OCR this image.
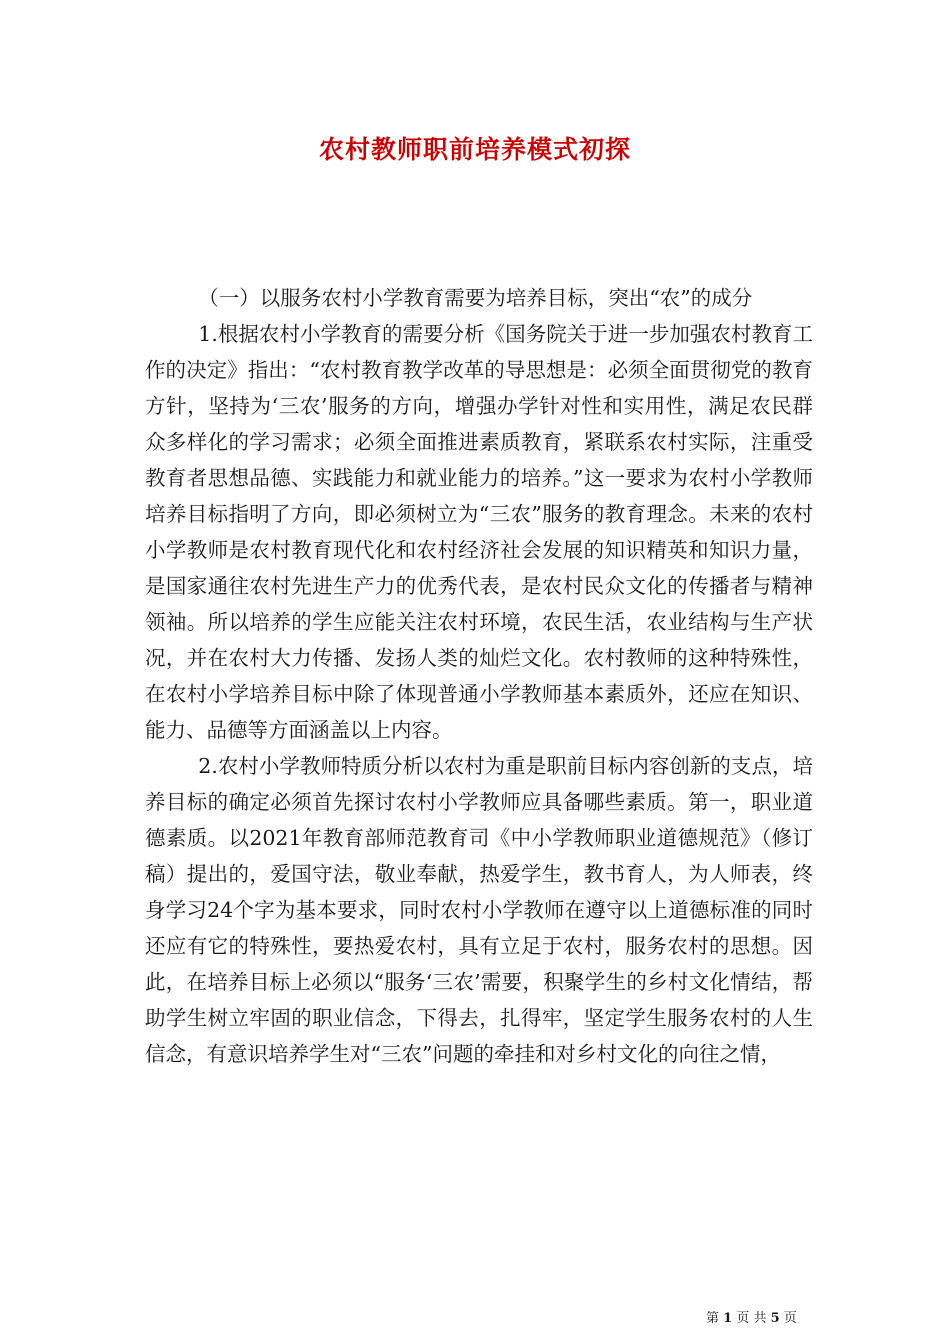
农村教师职前培养模式初探

（一）以服务农村小学教育需要为培养目标，突出“农”的成分

1.根据农村小学教育的需要分析《国务院关于进一步加强农村教育工作的决定》指出：“农村教育教学改革的导思想是：必须全面贯彻党的教育方针，坚持为‘三农’服务的方向，增强办学针对性和实用性，满足农民群众多样化的学习需求；必须全面推进素质教育，紧联系农村实际，注重受教育者思想品德、实践能力和就业能力的培养。”这一要求为农村小学教师培养目标指明了方向，即必须树立为“三农”服务的教育理念。未来的农村小学教师是农村教育现代化和农村经济社会发展的知识精英和知识力量，是国家通往农村先进生产力的优秀代表，是农村民众文化的传播者与精神领袖。所以培养的学生应能关注农村环境，农民生活，农业结构与生产状况，并在农村大力传播、发扬人类的灿烂文化。农村教师的这种特殊性，在农村小学培养目标中除了体现普通小学教师基本素质外，还应在知识、能力、品德等方面涵盖以上内容。

2.农村小学教师特质分析以农村为重是职前目标内容创新的支点，培养目标的确定必须首先探讨农村小学教师应具备哪些素质。第一，职业道德素质。以2021年教育部师范教育司《中小学教师职业道德规范》（修订稿）提出的，爱国守法，敬业奉献，热爱学生，教书育人，为人师表，终身学习24个字为基本要求，同时农村小学教师在遵守以上道德标准的同时还应有它的特殊性，要热爱农村，具有立足于农村，服务农村的思想。因此，在培养目标上必须以“服务‘三农’需要，积聚学生的乡村文化情结，帮助学生树立牢固的职业信念，下得去，扎得牢，坚定学生服务农村的人生信念，有意识培养学生对“三农”问题的牵挂和对乡村文化的向往之情，

第 1 页 共 5 页
